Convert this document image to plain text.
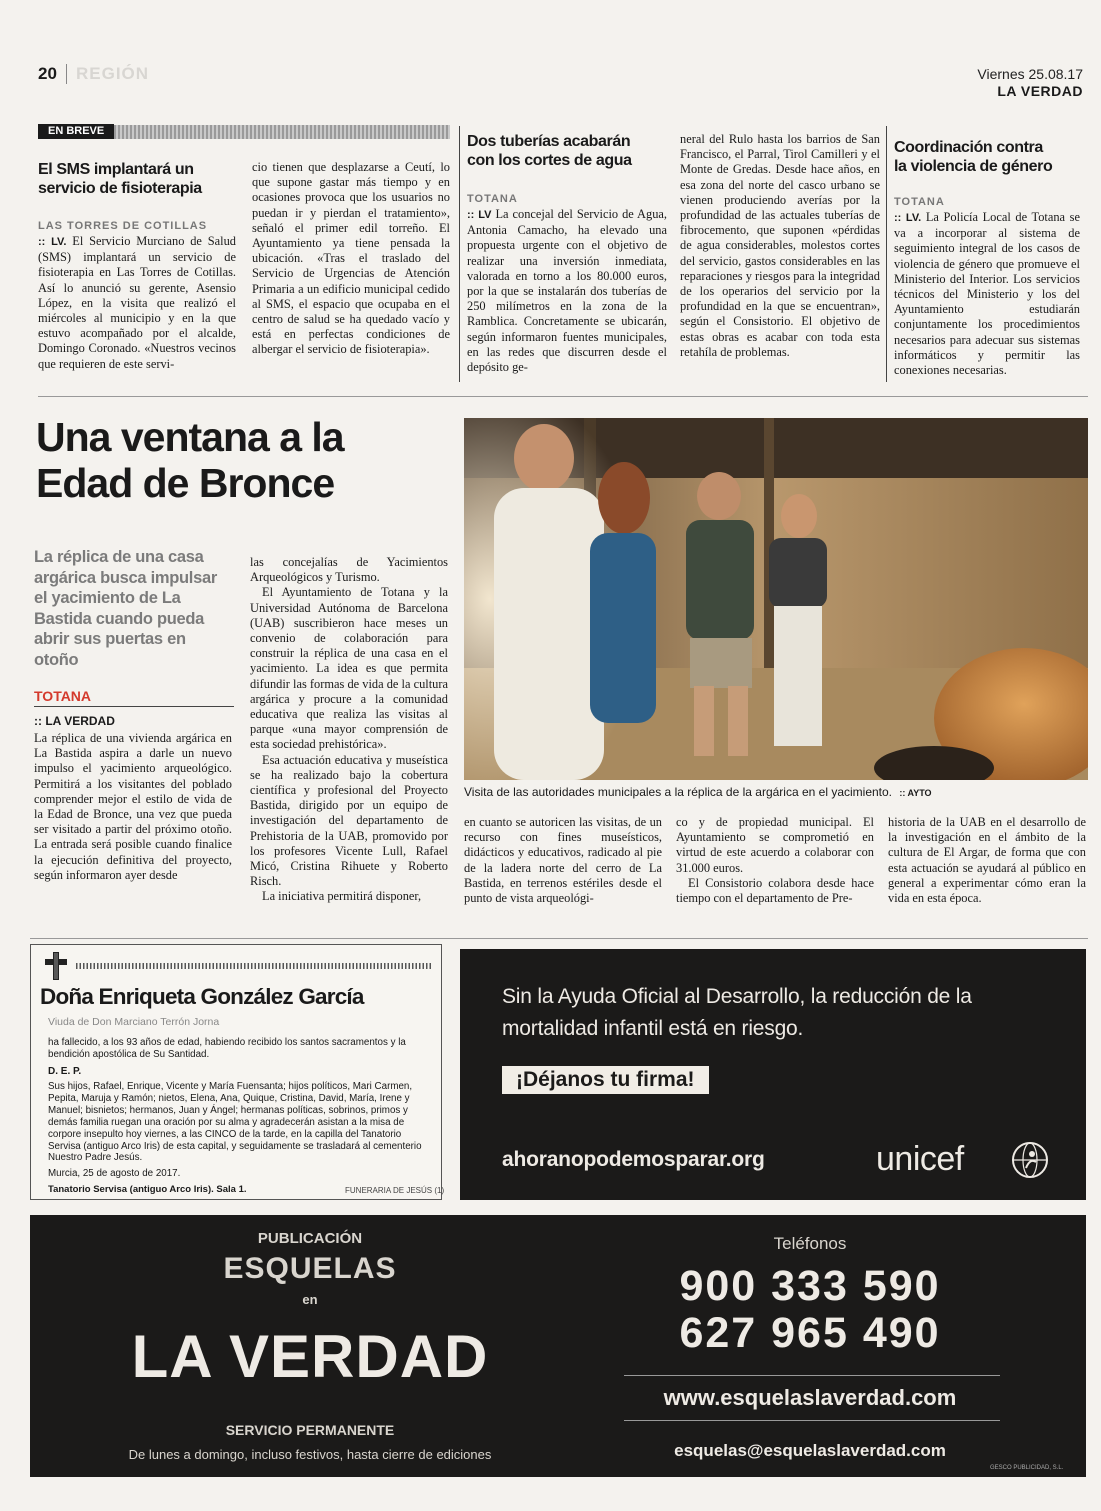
20 REGIÓN	Viernes 25.08.17
LA VERDAD
EN BREVE
El SMS implantará un
servicio de fisioterapia
LAS TORRES DE COTILLAS

:: LV. El Servicio Murciano de Salud (SMS) implantará un servicio de fisioterapia en Las Torres de Cotillas. Así lo anunció su gerente, Asensio López, en la visita que realizó el miércoles al municipio y en la que estuvo acompañado por el alcalde, Domingo Coronado. «Nuestros vecinos que requieren de este servi-

cio tienen que desplazarse a Ceutí, lo que supone gastar más tiempo y en ocasiones provoca que los usuarios no puedan ir y pierdan el tratamiento», señaló el primer edil torreño. El Ayuntamiento ya tiene pensada la ubicación. «Tras el traslado del Servicio de Urgencias de Atención Primaria a un edificio municipal cedido al SMS, el espacio que ocupaba en el centro de salud se ha quedado vacío y está en perfectas condiciones de albergar el servicio de fisioterapia».

Dos tuberías acabarán
con los cortes de agua
TOTANA

:: LV La concejal del Servicio de Agua, Antonia Camacho, ha elevado una propuesta urgente con el objetivo de realizar una inversión inmediata, valorada en torno a los 80.000 euros, por la que se instalarán dos tuberías de 250 milímetros en la zona de la Ramblica. Concretamente se ubicarán, según informaron fuentes municipales, en las redes que discurren desde el depósito ge-

neral del Rulo hasta los barrios de San Francisco, el Parral, Tirol Camilleri y el Monte de Gredas. Desde hace años, en esa zona del norte del casco urbano se vienen produciendo averías por la profundidad de las actuales tuberías de fibrocemento, que suponen «pérdidas de agua considerables, molestos cortes del servicio, gastos considerables en las reparaciones y riesgos para la integridad de los operarios del servicio por la profundidad en la que se encuentran», según el Consistorio. El objetivo de estas obras es acabar con toda esta retahíla de problemas.

Coordinación contra
la violencia de género
TOTANA

:: LV. La Policía Local de Totana se va a incorporar al sistema de seguimiento integral de los casos de violencia de género que promueve el Ministerio del Interior. Los servicios técnicos del Ministerio y los del Ayuntamiento estudiarán conjuntamente los procedimientos necesarios para adecuar sus sistemas informáticos y permitir las conexiones necesarias.

Una ventana a la
Edad de Bronce
La réplica de una casa argárica busca impulsar el yacimiento de La Bastida cuando pueda abrir sus puertas en otoño
TOTANA
:: LA VERDAD

La réplica de una vivienda argárica en La Bastida aspira a darle un nuevo impulso el yacimiento arqueológico. Permitirá a los visitantes del poblado comprender mejor el estilo de vida de la Edad de Bronce, una vez que pueda ser visitado a partir del próximo otoño. La entrada será posible cuando finalice la ejecución definitiva del proyecto, según informaron ayer desde

las concejalías de Yacimientos Arqueológicos y Turismo.

El Ayuntamiento de Totana y la Universidad Autónoma de Barcelona (UAB) suscribieron hace meses un convenio de colaboración para construir la réplica de una casa en el yacimiento. La idea es que permita difundir las formas de vida de la cultura argárica y procure a la comunidad educativa que realiza las visitas al parque «una mayor comprensión de esta sociedad prehistórica».

Esa actuación educativa y museística se ha realizado bajo la cobertura científica y profesional del Proyecto Bastida, dirigido por un equipo de investigación del departamento de Prehistoria de la UAB, promovido por los profesores Vicente Lull, Rafael Micó, Cristina Rihuete y Roberto Risch.

La iniciativa permitirá disponer,

Visita de las autoridades municipales a la réplica de la argárica en el yacimiento. :: AYTO

en cuanto se autoricen las visitas, de un recurso con fines museísticos, didácticos y educativos, radicado al pie de la ladera norte del cerro de La Bastida, en terrenos estériles desde el punto de vista arqueológi-

co y de propiedad municipal. El Ayuntamiento se comprometió en virtud de este acuerdo a colaborar con 31.000 euros.

El Consistorio colabora desde hace tiempo con el departamento de Pre-

historia de la UAB en el desarrollo de la investigación en el ámbito de la cultura de El Argar, de forma que con esta actuación se ayudará al público en general a experimentar cómo eran la vida en esta época.

Doña Enriqueta González García
Viuda de Don Marciano Terrón Jorna
ha fallecido, a los 93 años de edad, habiendo recibido los santos sacramentos y la bendición apostólica de Su Santidad.
D. E. P.
Sus hijos, Rafael, Enrique, Vicente y María Fuensanta; hijos políticos, Mari Carmen, Pepita, Maruja y Ramón; nietos, Elena, Ana, Quique, Cristina, David, María, Irene y Manuel; bisnietos; hermanos, Juan y Ángel; hermanas políticas, sobrinos, primos y demás familia ruegan una oración por su alma y agradecerán asistan a la misa de corpore insepulto hoy viernes, a las CINCO de la tarde, en la capilla del Tanatorio Servisa (antiguo Arco Iris) de esta capital, y seguidamente se trasladará al cementerio Nuestro Padre Jesús.
Murcia, 25 de agosto de 2017.
Tanatorio Servisa (antiguo Arco Iris). Sala 1.	FUNERARIA DE JESÚS (1)
Sin la Ayuda Oficial al Desarrollo, la reducción de la
mortalidad infantil está en riesgo.
¡Déjanos tu firma!
ahoranopodemosparar.org	unicef
PUBLICACIÓN
ESQUELAS
en
LA VERDAD
SERVICIO PERMANENTE
De lunes a domingo, incluso festivos, hasta cierre de ediciones
Teléfonos
900 333 590
627 965 490
www.esquelaslaverdad.com
esquelas@esquelaslaverdad.com
GESCO PUBLICIDAD, S.L.
